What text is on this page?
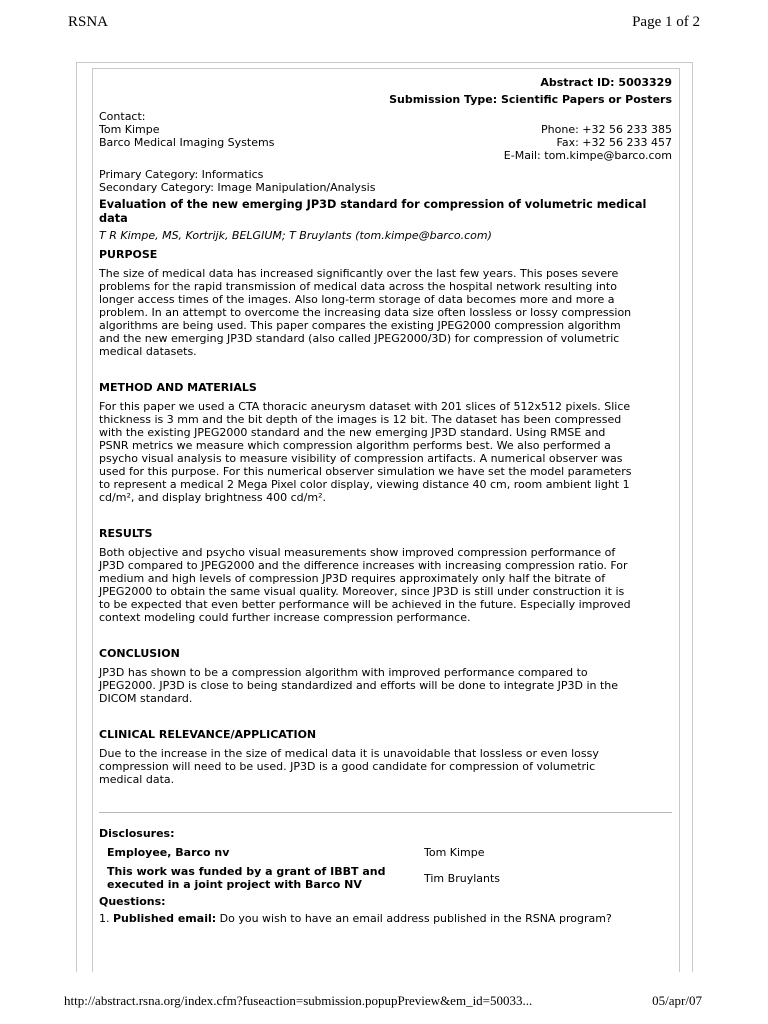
RSNA	Page 1 of 2
Abstract ID: 5003329
Submission Type: Scientific Papers or Posters
Contact:
Tom Kimpe	Phone: +32 56 233 385
Barco Medical Imaging Systems	Fax: +32 56 233 457
E-Mail: tom.kimpe@barco.com
Primary Category: Informatics
Secondary Category: Image Manipulation/Analysis
Evaluation of the new emerging JP3D standard for compression of volumetric medical
data
T R Kimpe, MS, Kortrijk, BELGIUM; T Bruylants (tom.kimpe@barco.com)
PURPOSE

The size of medical data has increased significantly over the last few years. This poses severe
problems for the rapid transmission of medical data across the hospital network resulting into
longer access times of the images. Also long-term storage of data becomes more and more a
problem. In an attempt to overcome the increasing data size often lossless or lossy compression
algorithms are being used. This paper compares the existing JPEG2000 compression algorithm
and the new emerging JP3D standard (also called JPEG2000/3D) for compression of volumetric
medical datasets.

METHOD AND MATERIALS

For this paper we used a CTA thoracic aneurysm dataset with 201 slices of 512x512 pixels. Slice
thickness is 3 mm and the bit depth of the images is 12 bit. The dataset has been compressed
with the existing JPEG2000 standard and the new emerging JP3D standard. Using RMSE and
PSNR metrics we measure which compression algorithm performs best. We also performed a
psycho visual analysis to measure visibility of compression artifacts. A numerical observer was
used for this purpose. For this numerical observer simulation we have set the model parameters
to represent a medical 2 Mega Pixel color display, viewing distance 40 cm, room ambient light 1
cd/m², and display brightness 400 cd/m².

RESULTS

Both objective and psycho visual measurements show improved compression performance of
JP3D compared to JPEG2000 and the difference increases with increasing compression ratio. For
medium and high levels of compression JP3D requires approximately only half the bitrate of
JPEG2000 to obtain the same visual quality. Moreover, since JP3D is still under construction it is
to be expected that even better performance will be achieved in the future. Especially improved
context modeling could further increase compression performance.

CONCLUSION

JP3D has shown to be a compression algorithm with improved performance compared to
JPEG2000. JP3D is close to being standardized and efforts will be done to integrate JP3D in the
DICOM standard.

CLINICAL RELEVANCE/APPLICATION

Due to the increase in the size of medical data it is unavoidable that lossless or even lossy
compression will need to be used. JP3D is a good candidate for compression of volumetric
medical data.

Disclosures:
Employee, Barco nv	Tom Kimpe
This work was funded by a grant of IBBT and executed in a joint project with Barco NV	Tim Bruylants
Questions:
1. Published email: Do you wish to have an email address published in the RSNA program?
http://abstract.rsna.org/index.cfm?fuseaction=submission.popupPreview&em_id=50033...	05/apr/07
